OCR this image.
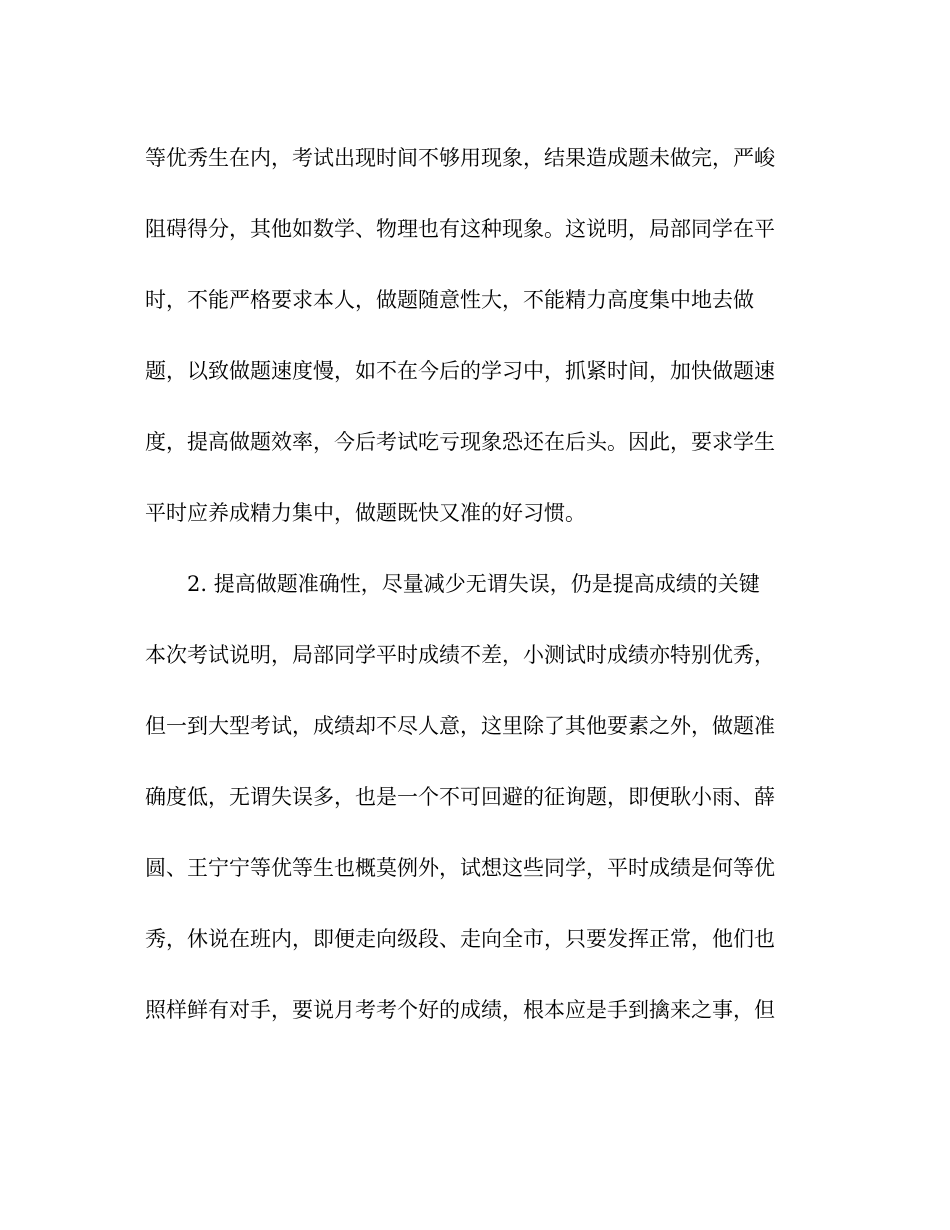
等优秀生在内，考试出现时间不够用现象，结果造成题未做完，严峻
阻碍得分，其他如数学、物理也有这种现象。这说明，局部同学在平
时，不能严格要求本人，做题随意性大，不能精力高度集中地去做
题，以致做题速度慢，如不在今后的学习中，抓紧时间，加快做题速
度，提高做题效率，今后考试吃亏现象恐还在后头。因此，要求学生
平时应养成精力集中，做题既快又准的好习惯。
2. 提高做题准确性，尽量减少无谓失误，仍是提高成绩的关键
本次考试说明，局部同学平时成绩不差，小测试时成绩亦特别优秀，
但一到大型考试，成绩却不尽人意，这里除了其他要素之外，做题准
确度低，无谓失误多，也是一个不可回避的征询题，即便耿小雨、薛
圆、王宁宁等优等生也概莫例外，试想这些同学，平时成绩是何等优
秀，休说在班内，即便走向级段、走向全市，只要发挥正常，他们也
照样鲜有对手，要说月考考个好的成绩，根本应是手到擒来之事，但
